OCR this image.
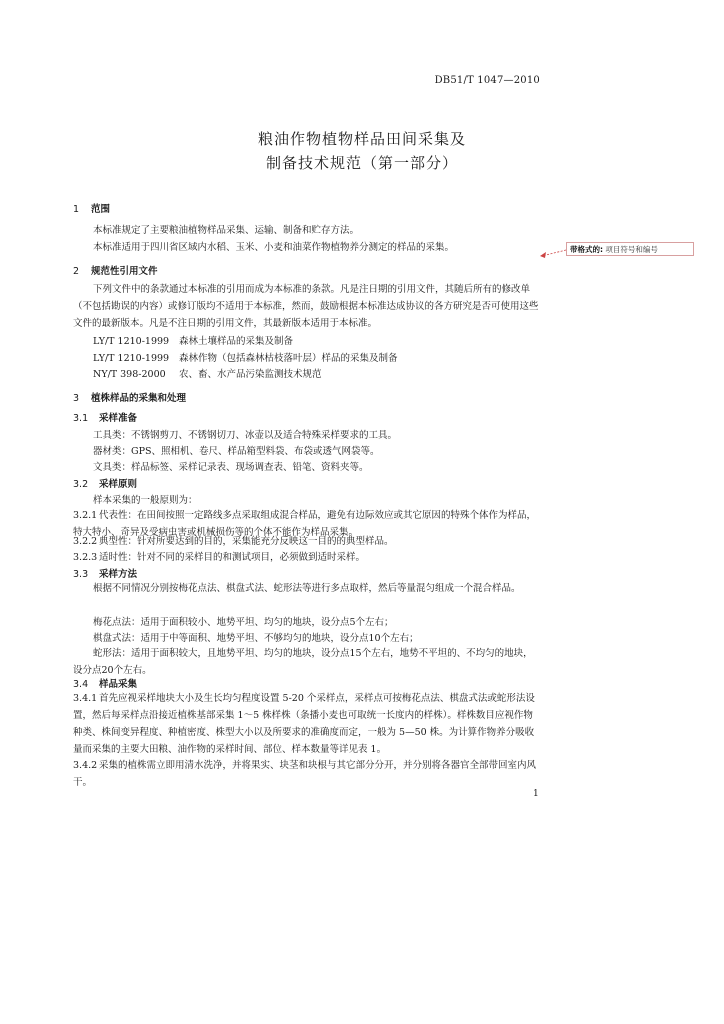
DB51/T 1047—2010
粮油作物植物样品田间采集及
制备技术规范（第一部分）
1 范围
本标准规定了主要粮油植物样品采集、运输、制备和贮存方法。
本标准适用于四川省区域内水稻、玉米、小麦和油菜作物植物养分测定的样品的采集。	带格式的: 项目符号和编号
2 规范性引用文件
下列文件中的条款通过本标准的引用而成为本标准的条款。凡是注日期的引用文件，其随后所有的修改单（不包括勘误的内容）或修订版均不适用于本标准，然而，鼓励根据本标准达成协议的各方研究是否可使用这些文件的最新版本。凡是不注日期的引用文件，其最新版本适用于本标准。
LY/T 1210-1999 森林土壤样品的采集及制备
LY/T 1210-1999 森林作物（包括森林枯枝落叶层）样品的采集及制备
NY/T 398-2000 农、畜、水产品污染监测技术规范
3 植株样品的采集和处理
3.1 采样准备
工具类：不锈钢剪刀、不锈钢切刀、冰壶以及适合特殊采样要求的工具。
器材类：GPS、照相机、卷尺、样品箱型料袋、布袋或透气网袋等。
文具类：样品标签、采样记录表、现场调查表、铅笔、资料夹等。
3.2 采样原则
样本采集的一般原则为：
3.2.1 代表性：在田间按照一定路线多点采取组成混合样品，避免有边际效应或其它原因的特殊个体作为样品，特大特小、奇异及受病虫害或机械损伤等的个体不能作为样品采集。
3.2.2 典型性：针对所要达到的目的，采集能充分反映这一目的的典型样品。
3.2.3 适时性：针对不同的采样目的和测试项目，必须做到适时采样。
3.3 采样方法
根据不同情况分别按梅花点法、棋盘式法、蛇形法等进行多点取样，然后等量混匀组成一个混合样品。
梅花点法：适用于面积较小、地势平坦、均匀的地块，设分点5个左右；
棋盘式法：适用于中等面积、地势平坦、不够均匀的地块，设分点10个左右；
蛇形法：适用于面积较大，且地势平坦、均匀的地块，设分点15个左右，地势不平坦的、不均匀的地块，设分点20个左右。
3.4 样品采集
3.4.1 首先应视采样地块大小及生长均匀程度设置 5-20 个采样点，采样点可按梅花点法、棋盘式法或蛇形法设置，然后每采样点沿接近植株基部采集 1～5 株样株（条播小麦也可取统一长度内的样株）。样株数目应视作物种类、株间变异程度、种植密度、株型大小以及所要求的准确度而定，一般为 5—50 株。为计算作物养分吸收量而采集的主要大田粮、油作物的采样时间、部位、样本数量等详见表 1。
3.4.2 采集的植株需立即用清水洗净，并将果实、块茎和块根与其它部分分开，并分别将各器官全部带回室内风干。
1
